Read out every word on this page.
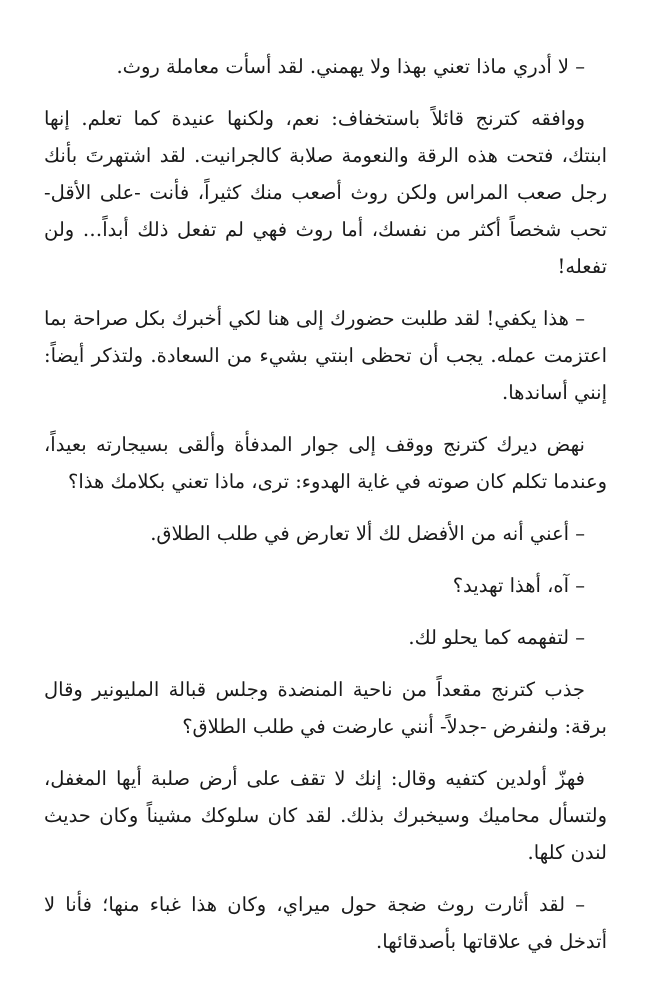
– لا أدري ماذا تعني بهذا ولا يهمني. لقد أسأت معاملة روث.

ووافقه كترنج قائلاً باستخفاف: نعم، ولكنها عنيدة كما تعلم. إنها ابنتك، فتحت هذه الرقة والنعومة صلابة كالجرانيت. لقد اشتهرتَ بأنك رجل صعب المراس ولكن روث أصعب منك كثيراً، فأنت -على الأقل- تحب شخصاً أكثر من نفسك، أما روث فهي لم تفعل ذلك أبداً… ولن تفعله!

– هذا يكفي! لقد طلبت حضورك إلى هنا لكي أخبرك بكل صراحة بما اعتزمت عمله. يجب أن تحظى ابنتي بشيء من السعادة. ولتذكر أيضاً: إنني أساندها.

نهض ديرك كترنج ووقف إلى جوار المدفأة وألقى بسيجارته بعيداً، وعندما تكلم كان صوته في غاية الهدوء: ترى، ماذا تعني بكلامك هذا؟

– أعني أنه من الأفضل لك ألا تعارض في طلب الطلاق.

– آه، أهذا تهديد؟

– لتفهمه كما يحلو لك.

جذب كترنج مقعداً من ناحية المنضدة وجلس قبالة المليونير وقال برقة: ولنفرض -جدلاً- أنني عارضت في طلب الطلاق؟

فهزّ أولدين كتفيه وقال: إنك لا تقف على أرض صلبة أيها المغفل، ولتسأل محاميك وسيخبرك بذلك. لقد كان سلوكك مشيناً وكان حديث لندن كلها.

– لقد أثارت روث ضجة حول ميراي، وكان هذا غباء منها؛ فأنا لا أتدخل في علاقاتها بأصدقائها.
